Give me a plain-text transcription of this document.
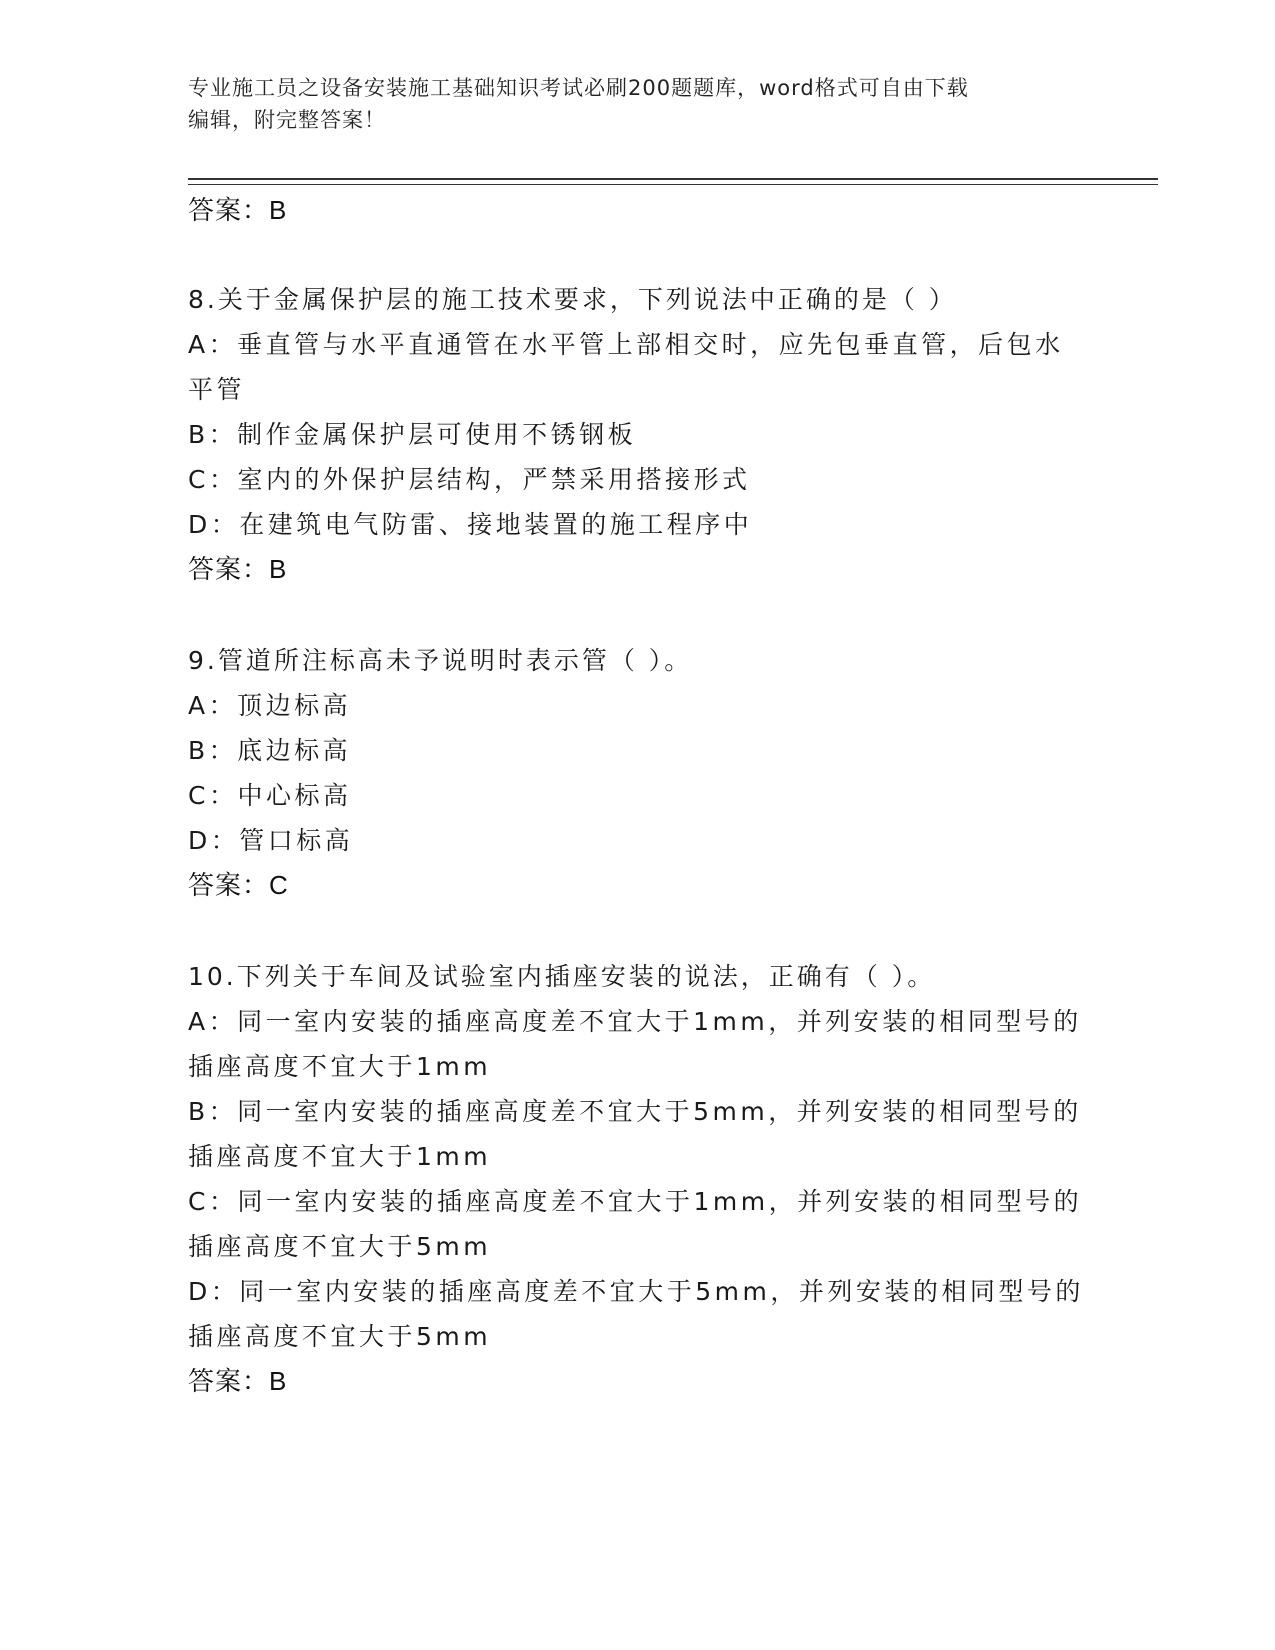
专业施工员之设备安装施工基础知识考试必刷200题题库，word格式可自由下载
编辑，附完整答案！
答案：B
8.关于金属保护层的施工技术要求，下列说法中正确的是（ ）
A：垂直管与水平直通管在水平管上部相交时，应先包垂直管，后包水
平管
B：制作金属保护层可使用不锈钢板
C：室内的外保护层结构，严禁采用搭接形式
D：在建筑电气防雷、接地装置的施工程序中
答案：B
9.管道所注标高未予说明时表示管（ ）。
A：顶边标高
B：底边标高
C：中心标高
D：管口标高
答案：C
10.下列关于车间及试验室内插座安装的说法，正确有（ ）。
A：同一室内安装的插座高度差不宜大于1mm，并列安装的相同型号的
插座高度不宜大于1mm
B：同一室内安装的插座高度差不宜大于5mm，并列安装的相同型号的
插座高度不宜大于1mm
C：同一室内安装的插座高度差不宜大于1mm，并列安装的相同型号的
插座高度不宜大于5mm
D：同一室内安装的插座高度差不宜大于5mm，并列安装的相同型号的
插座高度不宜大于5mm
答案：B
